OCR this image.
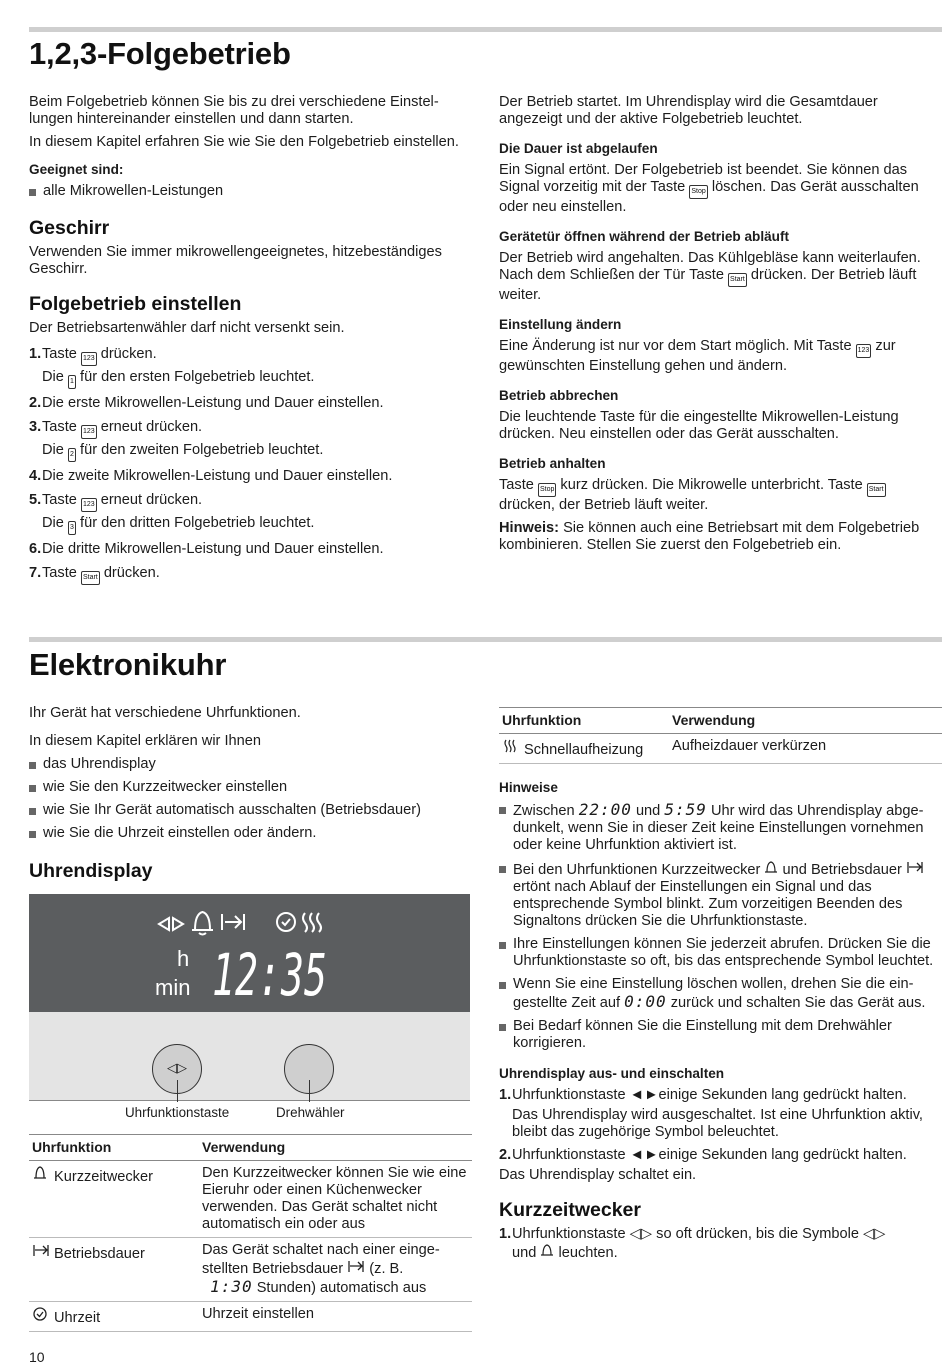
1,2,3-Folgebetrieb

Beim Folgebetrieb können Sie bis zu drei verschiedene Einstellungen hintereinander einstellen und dann starten.

In diesem Kapitel erfahren Sie wie Sie den Folgebetrieb einstellen.

Geeignet sind:
alle Mikrowellen-Leistungen
Geschirr

Verwenden Sie immer mikrowellengeeignetes, hitzebeständiges Geschirr.

Folgebetrieb einstellen

Der Betriebsartenwähler darf nicht versenkt sein.

1. Taste 123 drücken.
Die 1 für den ersten Folgebetrieb leuchtet.
2. Die erste Mikrowellen-Leistung und Dauer einstellen.
3. Taste 123 erneut drücken.
Die 2 für den zweiten Folgebetrieb leuchtet.
4. Die zweite Mikrowellen-Leistung und Dauer einstellen.
5. Taste 123 erneut drücken.
Die 3 für den dritten Folgebetrieb leuchtet.
6. Die dritte Mikrowellen-Leistung und Dauer einstellen.
7. Taste Start drücken.

Der Betrieb startet. Im Uhrendisplay wird die Gesamtdauer angezeigt und der aktive Folgebetrieb leuchtet.

Die Dauer ist abgelaufen

Ein Signal ertönt. Der Folgebetrieb ist beendet. Sie können das Signal vorzeitig mit der Taste Stop löschen. Das Gerät ausschalten oder neu einstellen.

Gerätetür öffnen während der Betrieb abläuft

Der Betrieb wird angehalten. Das Kühlgebläse kann weiterlaufen. Nach dem Schließen der Tür Taste Start drücken. Der Betrieb läuft weiter.

Einstellung ändern

Eine Änderung ist nur vor dem Start möglich. Mit Taste 123 zur gewünschten Einstellung gehen und ändern.

Betrieb abbrechen

Die leuchtende Taste für die eingestellte Mikrowellen-Leistung drücken. Neu einstellen oder das Gerät ausschalten.

Betrieb anhalten

Taste Stop kurz drücken. Die Mikrowelle unterbricht. Taste Start drücken, der Betrieb läuft weiter.

Hinweis: Sie können auch eine Betriebsart mit dem Folgebetrieb kombinieren. Stellen Sie zuerst den Folgebetrieb ein.

Elektronikuhr

Ihr Gerät hat verschiedene Uhrfunktionen.

In diesem Kapitel erklären wir Ihnen

das Uhrendisplay
wie Sie den Kurzzeitwecker einstellen
wie Sie Ihr Gerät automatisch ausschalten (Betriebsdauer)
wie Sie die Uhrzeit einstellen oder ändern.
Uhrendisplay
h
min 12:35
◁▷
Uhrfunktionstaste	Drehwähler
Uhrfunktion	Verwendung
Kurzzeitwecker	Den Kurzzeitwecker können Sie wie eine Eieruhr oder einen Küchenwecker verwenden. Das Gerät schaltet nicht automatisch ein oder aus
Betriebsdauer	Das Gerät schaltet nach einer eingestellten Betriebsdauer (z. B.
1:30 Stunden) automatisch aus
Uhrzeit	Uhrzeit einstellen
Uhrfunktion	Verwendung
Schnellaufheizung	Aufheizdauer verkürzen
Hinweise
Zwischen 22:00 und 5:59 Uhr wird das Uhrendisplay abgedunkelt, wenn Sie in dieser Zeit keine Einstellungen vornehmen oder keine Uhrfunktion aktiviert ist.
Bei den Uhrfunktionen Kurzzeitwecker und Betriebsdauer  ertönt nach Ablauf der Einstellungen ein Signal und das entsprechende Symbol blinkt. Zum vorzeitigen Beenden des Signaltons drücken Sie die Uhrfunktionstaste.
Ihre Einstellungen können Sie jederzeit abrufen. Drücken Sie die Uhrfunktionstaste so oft, bis das entsprechende Symbol leuchtet.
Wenn Sie eine Einstellung löschen wollen, drehen Sie die eingestellte Zeit auf 0:00 zurück und schalten Sie das Gerät aus.
Bei Bedarf können Sie die Einstellung mit dem Drehwähler korrigieren.
Uhrendisplay aus- und einschalten
1. Uhrfunktionstaste ◄►einige Sekunden lang gedrückt halten.
Das Uhrendisplay wird ausgeschaltet. Ist eine Uhrfunktion aktiv, bleibt das zugehörige Symbol beleuchtet.
2. Uhrfunktionstaste ◄►einige Sekunden lang gedrückt halten.

Das Uhrendisplay schaltet ein.

Kurzzeitwecker
1. Uhrfunktionstaste ◁▷ so oft drücken, bis die Symbole ◁▷
und leuchten.
10
